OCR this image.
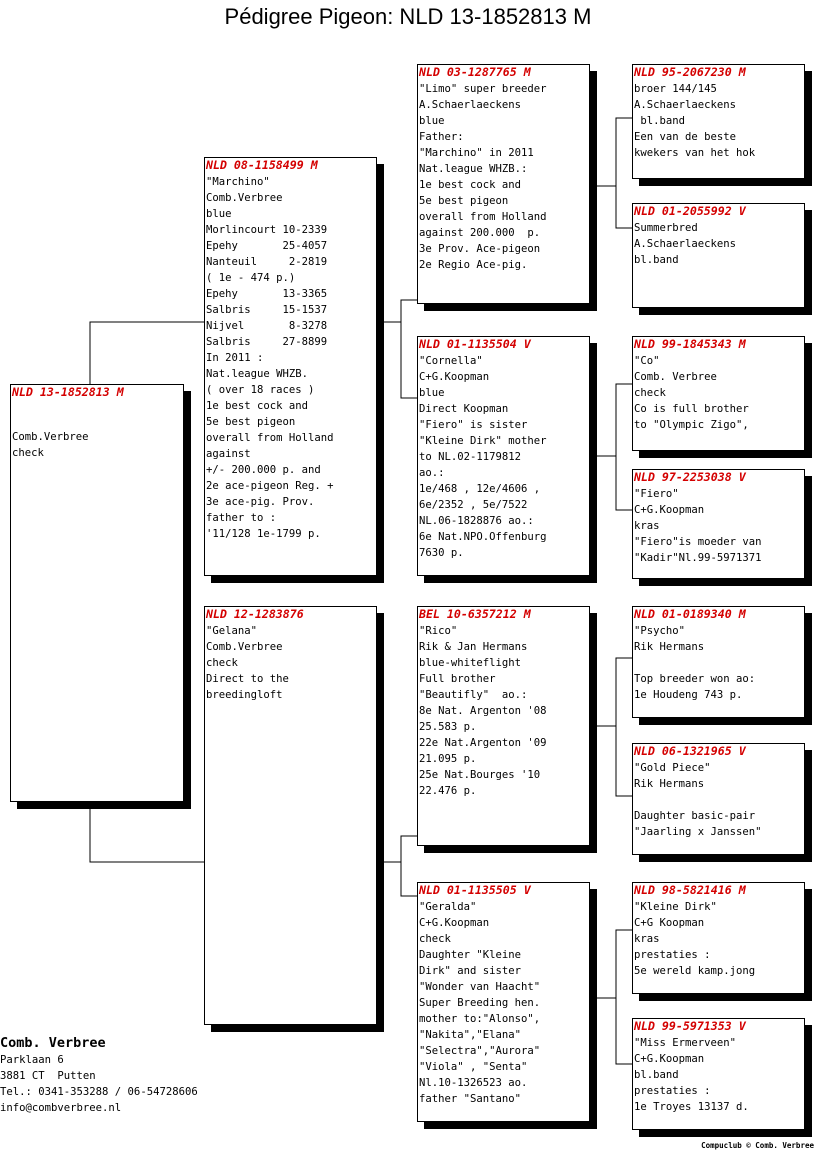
Pédigree Pigeon: NLD 13-1852813 M
NLD 13-1852813 M
Comb.Verbree
check
NLD 08-1158499 M
"Marchino"
Comb.Verbree
blue
Morlincourt 10-2339
Epehy       25-4057
Nanteuil     2-2819
( 1e - 474 p.)
Epehy       13-3365
Salbris     15-1537
Nijvel       8-3278
Salbris     27-8899
In 2011 :
Nat.league WHZB.
( over 18 races )
1e best cock and
5e best pigeon
overall from Holland
against
+/- 200.000 p. and
2e ace-pigeon Reg. +
3e ace-pig. Prov.
father to :
'11/128 1e-1799 p.
NLD 12-1283876
"Gelana"
Comb.Verbree
check
Direct to the
breedingloft
NLD 03-1287765 M
"Limo" super breeder
A.Schaerlaeckens
blue
Father:
"Marchino" in 2011
Nat.league WHZB.:
1e best cock and
5e best pigeon
overall from Holland
against 200.000  p.
3e Prov. Ace-pigeon
2e Regio Ace-pig.
NLD 01-1135504 V
"Cornella"
C+G.Koopman
blue
Direct Koopman
"Fiero" is sister
"Kleine Dirk" mother
to NL.02-1179812
ao.:
1e/468 , 12e/4606 ,
6e/2352 , 5e/7522
NL.06-1828876 ao.:
6e Nat.NPO.Offenburg
7630 p.
BEL 10-6357212 M
"Rico"
Rik & Jan Hermans
blue-whiteflight
Full brother
"Beautifly"  ao.:
8e Nat. Argenton '08
25.583 p.
22e Nat.Argenton '09
21.095 p.
25e Nat.Bourges '10
22.476 p.
NLD 01-1135505 V
"Geralda"
C+G.Koopman
check
Daughter "Kleine
Dirk" and sister
"Wonder van Haacht"
Super Breeding hen.
mother to:"Alonso",
"Nakita","Elana"
"Selectra","Aurora"
"Viola" , "Senta"
Nl.10-1326523 ao.
father "Santano"
NLD 95-2067230 M
broer 144/145
A.Schaerlaeckens
bl.band
Een van de beste
kwekers van het hok
NLD 01-2055992 V
Summerbred
A.Schaerlaeckens
bl.band
NLD 99-1845343 M
"Co"
Comb. Verbree
check
Co is full brother
to "Olympic Zigo",
NLD 97-2253038 V
"Fiero"
C+G.Koopman
kras
"Fiero"is moeder van
"Kadir"Nl.99-5971371
NLD 01-0189340 M
"Psycho"
Rik Hermans
Top breeder won ao:
1e Houdeng 743 p.
NLD 06-1321965 V
"Gold Piece"
Rik Hermans
Daughter basic-pair
"Jaarling x Janssen"
NLD 98-5821416 M
"Kleine Dirk"
C+G Koopman
kras
prestaties :
5e wereld kamp.jong
NLD 99-5971353 V
"Miss Ermerveen"
C+G.Koopman
bl.band
prestaties :
1e Troyes 13137 d.
Comb. Verbree
Parklaan 6
3881 CT  Putten
Tel.: 0341-353288 / 06-54728606
info@combverbree.nl
Compuclub © Comb. Verbree
